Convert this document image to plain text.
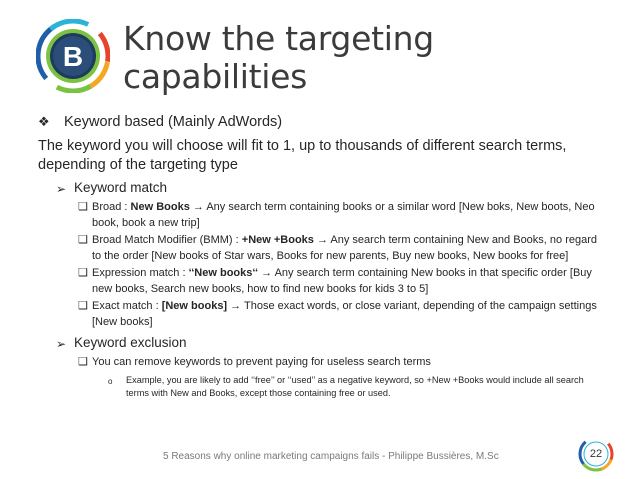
B Know the targeting
capabilities
❖ Keyword based (Mainly AdWords)
The keyword you will choose will fit to 1, up to thousands of different search terms, depending of the targeting type
➢ Keyword match
❑ Broad : New Books → Any search term containing books or a similar word [New boks, New boots, Neo book, book a new trip]
❑ Broad Match Modifier (BMM) : +New +Books → Any search term containing New and Books, no regard to the order [New books of Star wars, Books for new parents, Buy new books, New books for free]
❑ Expression match : ‘‘New books‘‘ → Any search term containing New books in that specific order [Buy new books, Search new books, how to find new books for kids 3 to 5]
❑ Exact match : [New books] → Those exact words, or close variant, depending of the campaign settings [New books]
➢ Keyword exclusion
❑ You can remove keywords to prevent paying for useless search terms
o	Example, you are likely to add ‘‘free’’ or ‘‘used’’ as a negative keyword, so +New +Books would include all search terms with New and Books, except those containing free or used.
5 Reasons why online marketing campaigns fails - Philippe Bussières, M.Sc	22
